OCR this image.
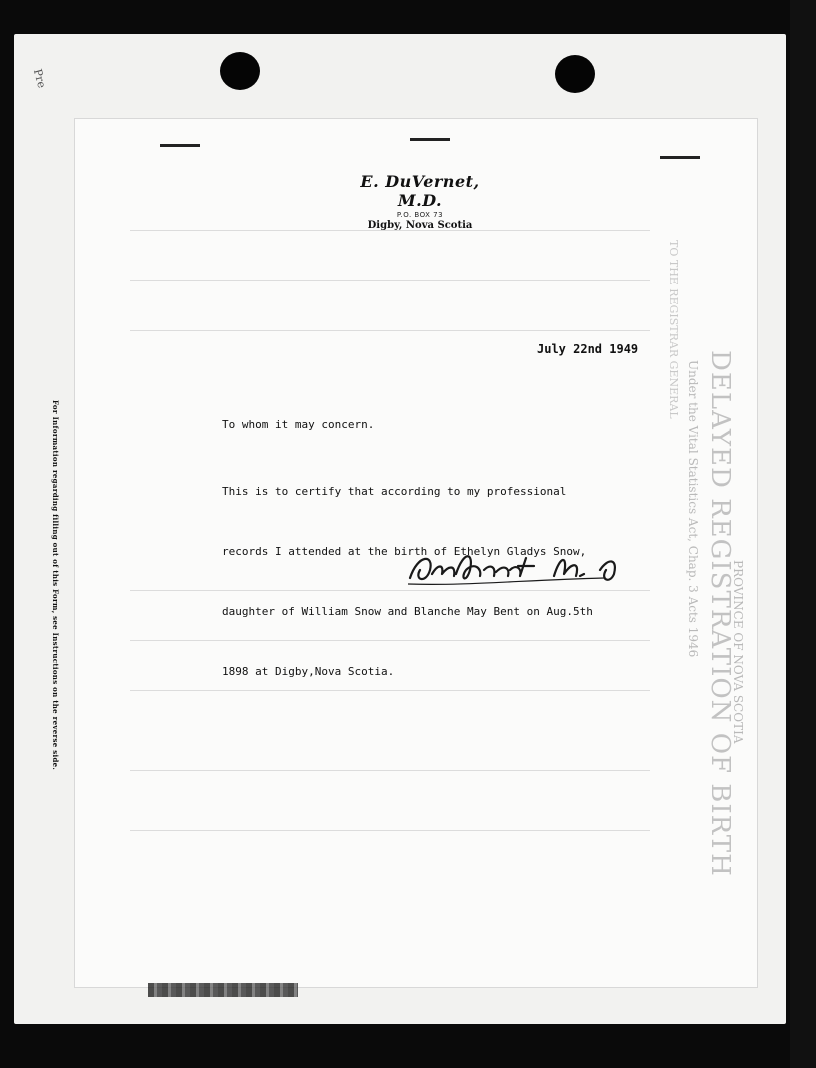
Pre
DELAYED REGISTRATION OF BIRTH
Under the Vital Statistics Act, Chap. 3 Acts 1946	PROVINCE OF NOVA SCOTIA
TO THE REGISTRAR GENERAL
E. DuVernet, M.D.
P.O. BOX 73
Digby, Nova Scotia
July 22nd 1949
To whom it may concern.

This is to certify that according to my professional

records I attended at the birth of Ethelyn Gladys Snow,

daughter of William Snow and Blanche May Bent on Aug.5th

1898 at Digby,Nova Scotia.

For Information regarding filling out of this Form, see Instructions on the reverse side.
